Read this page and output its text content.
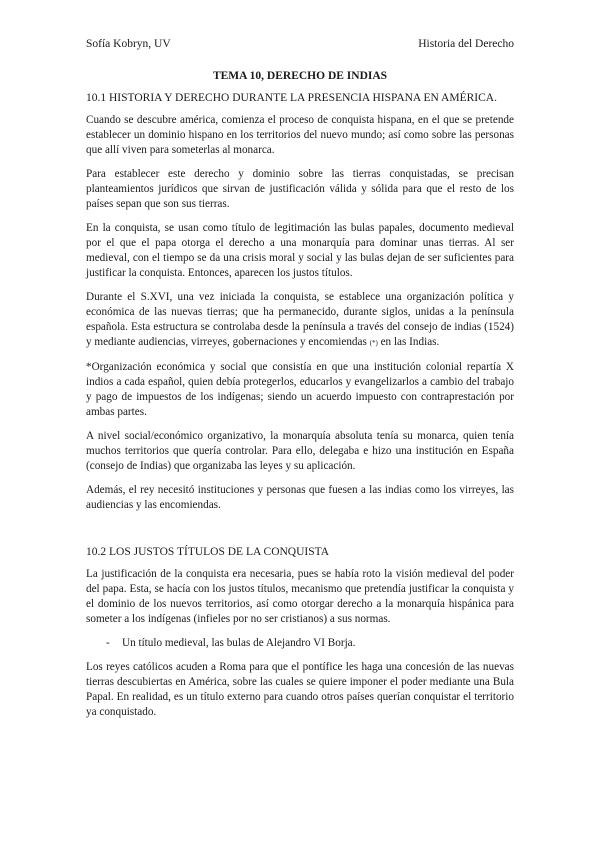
Sofía Kobryn, UV	Historia del Derecho
TEMA 10, DERECHO DE INDIAS
10.1 HISTORIA Y DERECHO DURANTE LA PRESENCIA HISPANA EN AMÉRICA.

Cuando se descubre américa, comienza el proceso de conquista hispana, en el que se pretende establecer un dominio hispano en los territorios del nuevo mundo; así como sobre las personas que allí viven para someterlas al monarca.

Para establecer este derecho y dominio sobre las tierras conquistadas, se precisan planteamientos jurídicos que sirvan de justificación válida y sólida para que el resto de los países sepan que son sus tierras.

En la conquista, se usan como título de legitimación las bulas papales, documento medieval por el que el papa otorga el derecho a una monarquía para dominar unas tierras. Al ser medieval, con el tiempo se da una crisis moral y social y las bulas dejan de ser suficientes para justificar la conquista. Entonces, aparecen los justos títulos.

Durante el S.XVI, una vez iniciada la conquista, se establece una organización política y económica de las nuevas tierras; que ha permanecido, durante siglos, unidas a la península española. Esta estructura se controlaba desde la península a través del consejo de indias (1524) y mediante audiencias, virreyes, gobernaciones y encomiendas (*) en las Indias.

*Organización económica y social que consistía en que una institución colonial repartía X indios a cada español, quien debía protegerlos, educarlos y evangelizarlos a cambio del trabajo y pago de impuestos de los indígenas; siendo un acuerdo impuesto con contraprestación por ambas partes.

A nivel social/económico organizativo, la monarquía absoluta tenía su monarca, quien tenía muchos territorios que quería controlar. Para ello, delegaba e hizo una institución en España (consejo de Indias) que organizaba las leyes y su aplicación.

Además, el rey necesitó instituciones y personas que fuesen a las indias como los virreyes, las audiencias y las encomiendas.

10.2 LOS JUSTOS TÍTULOS DE LA CONQUISTA

La justificación de la conquista era necesaria, pues se había roto la visión medieval del poder del papa. Esta, se hacía con los justos títulos, mecanismo que pretendía justificar la conquista y el dominio de los nuevos territorios, así como otorgar derecho a la monarquía hispánica para someter a los indígenas (infieles por no ser cristianos) a sus normas.

-	Un título medieval, las bulas de Alejandro VI Borja.

Los reyes católicos acuden a Roma para que el pontífice les haga una concesión de las nuevas tierras descubiertas en América, sobre las cuales se quiere imponer el poder mediante una Bula Papal. En realidad, es un título externo para cuando otros países querían conquistar el territorio ya conquistado.
